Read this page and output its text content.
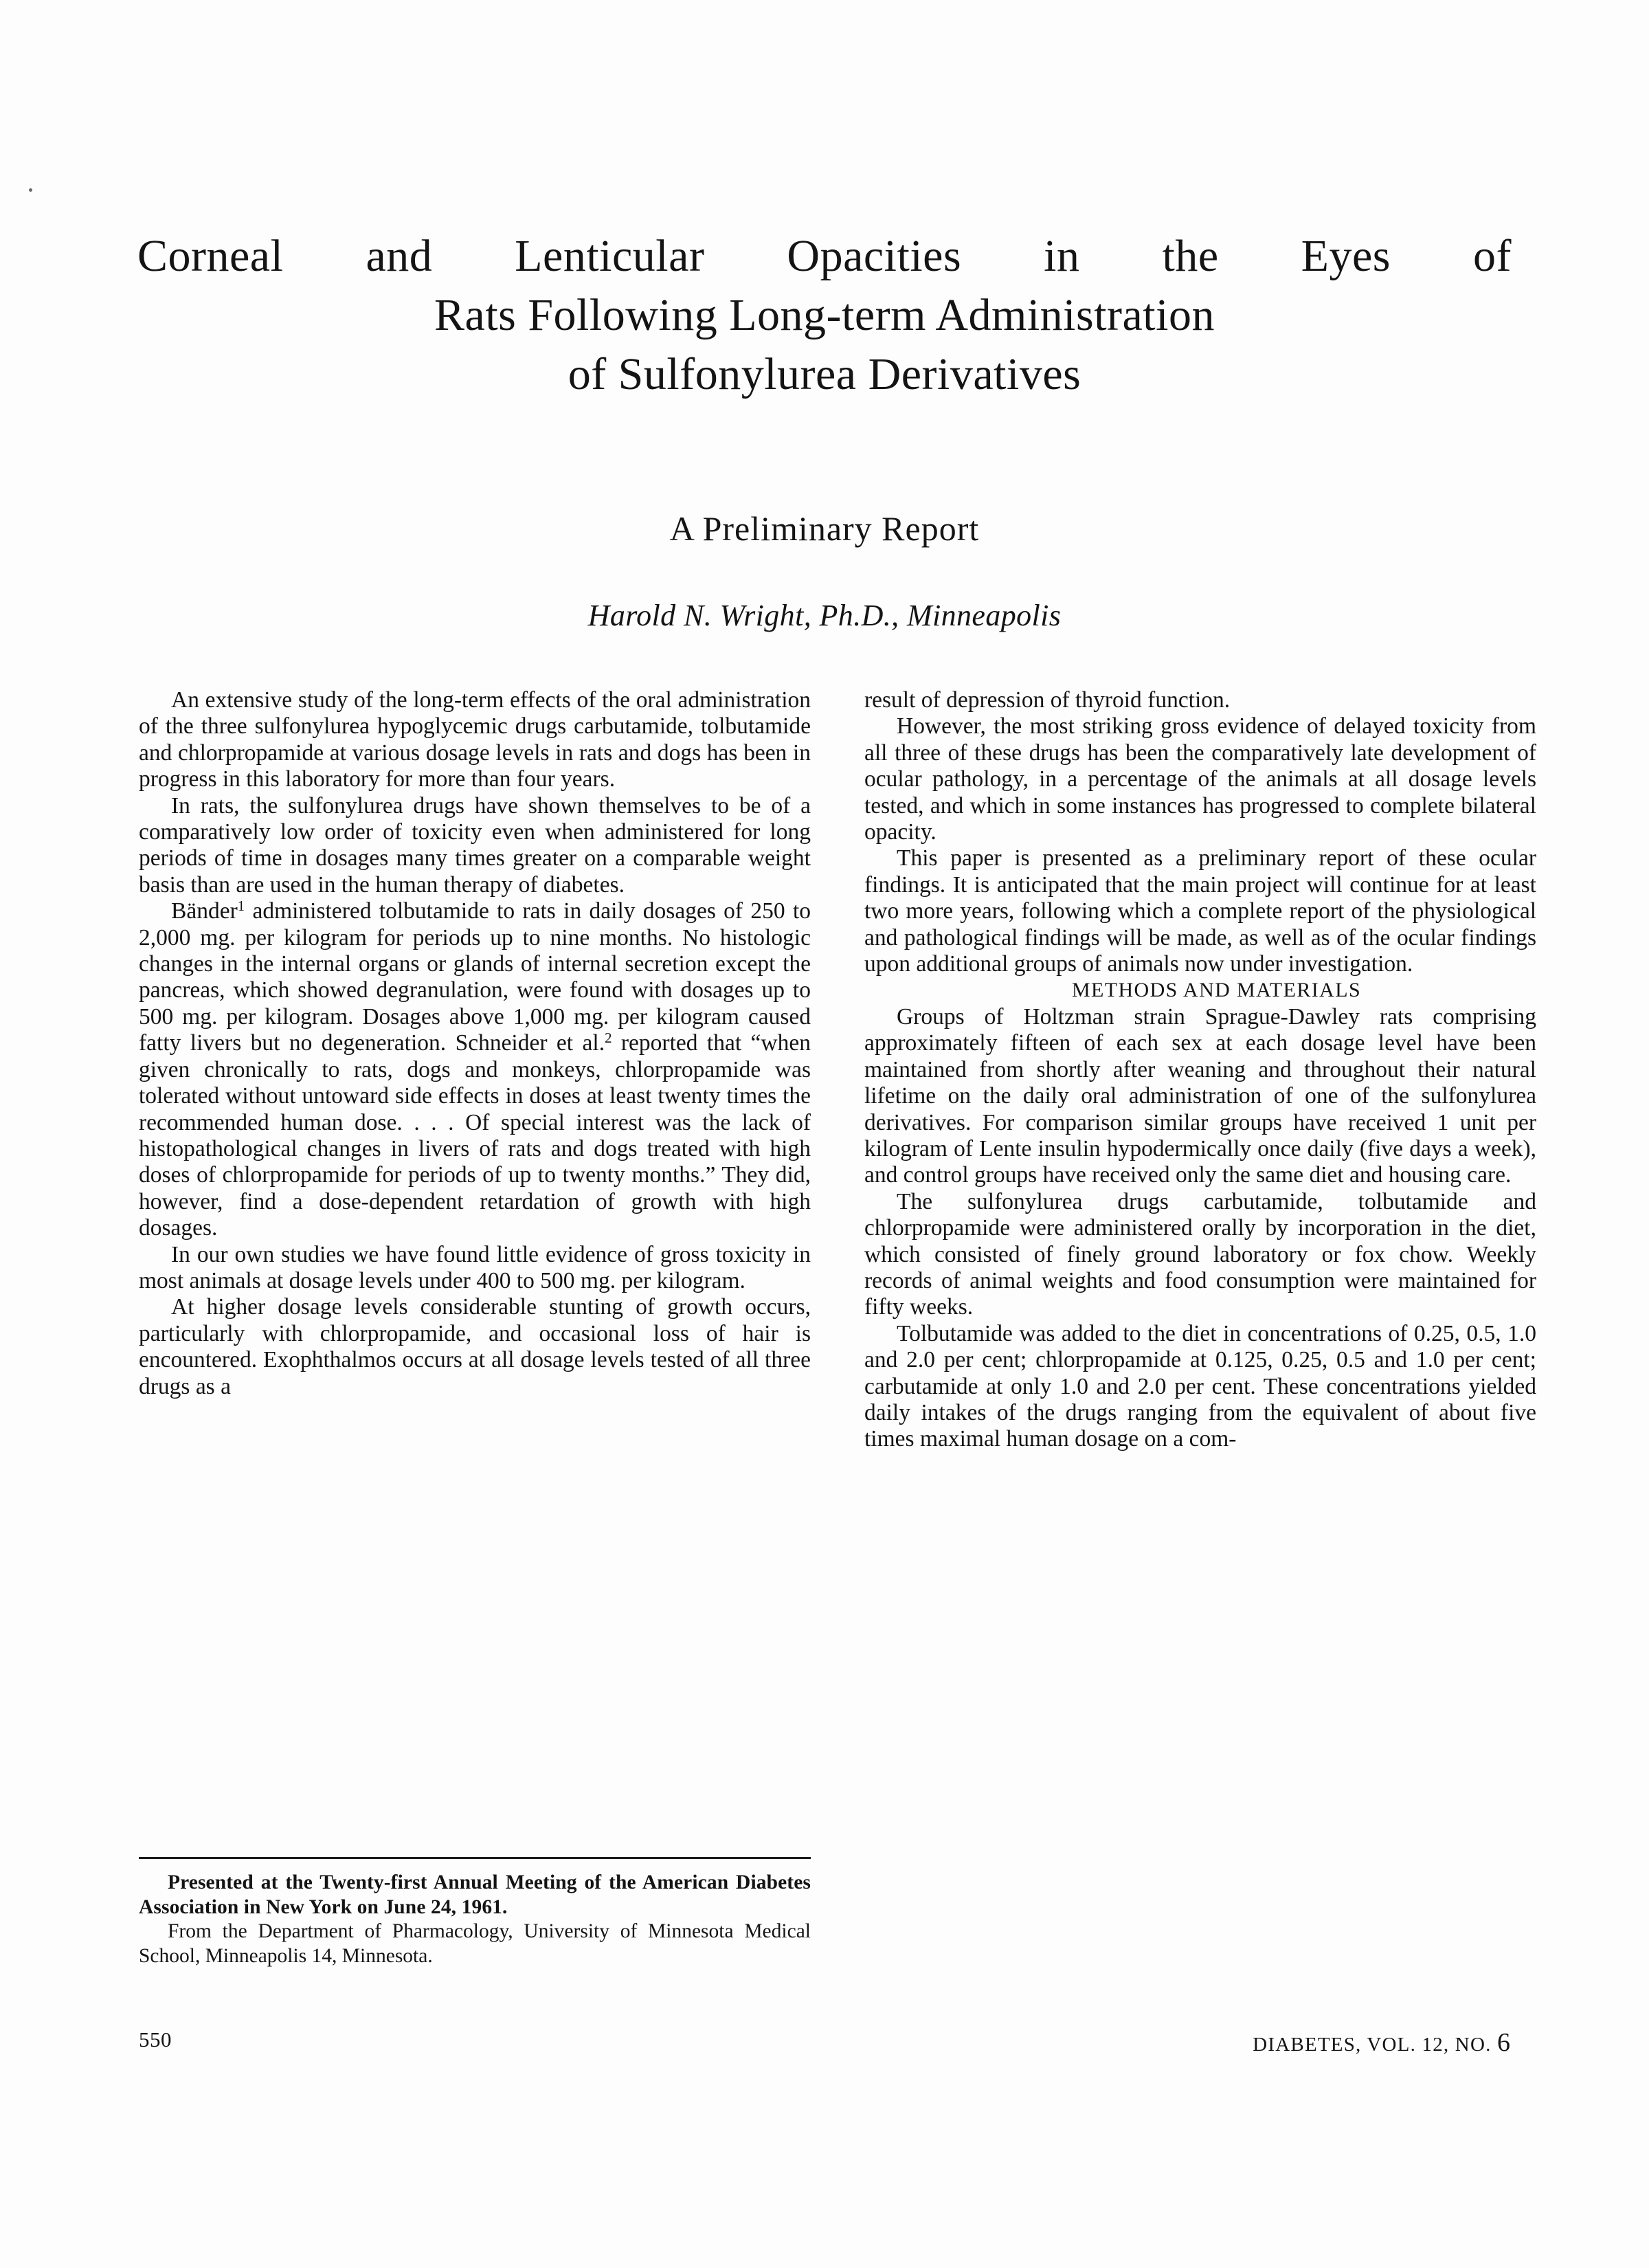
Corneal and Lenticular Opacities in the Eyes of
Rats Following Long-term Administration
of Sulfonylurea Derivatives
A Preliminary Report
Harold N. Wright, Ph.D., Minneapolis

An extensive study of the long-term effects of the oral administration of the three sulfonylurea hypoglycemic drugs carbutamide, tolbutamide and chlorpropamide at various dosage levels in rats and dogs has been in progress in this laboratory for more than four years.

In rats, the sulfonylurea drugs have shown themselves to be of a comparatively low order of toxicity even when administered for long periods of time in dosages many times greater on a comparable weight basis than are used in the human therapy of diabetes.

Bänder$^1$ administered tolbutamide to rats in daily dosages of 250 to 2,000 mg. per kilogram for periods up to nine months. No histologic changes in the internal organs or glands of internal secretion except the pancreas, which showed degranulation, were found with dosages up to 500 mg. per kilogram. Dosages above 1,000 mg. per kilogram caused fatty livers but no degeneration. Schneider et al.$^2$ reported that “when given chronically to rats, dogs and monkeys, chlorpropamide was tolerated without untoward side effects in doses at least twenty times the recommended human dose. . . . Of special interest was the lack of histopathological changes in livers of rats and dogs treated with high doses of chlorpropamide for periods of up to twenty months.” They did, however, find a dose-dependent retardation of growth with high dosages.

In our own studies we have found little evidence of gross toxicity in most animals at dosage levels under 400 to 500 mg. per kilogram.

At higher dosage levels considerable stunting of growth occurs, particularly with chlorpropamide, and occasional loss of hair is encountered. Exophthalmos occurs at all dosage levels tested of all three drugs as a

result of depression of thyroid function.

However, the most striking gross evidence of delayed toxicity from all three of these drugs has been the comparatively late development of ocular pathology, in a percentage of the animals at all dosage levels tested, and which in some instances has progressed to complete bilateral opacity.

This paper is presented as a preliminary report of these ocular findings. It is anticipated that the main project will continue for at least two more years, following which a complete report of the physiological and pathological findings will be made, as well as of the ocular findings upon additional groups of animals now under investigation.

METHODS AND MATERIALS

Groups of Holtzman strain Sprague-Dawley rats comprising approximately fifteen of each sex at each dosage level have been maintained from shortly after weaning and throughout their natural lifetime on the daily oral administration of one of the sulfonylurea derivatives. For comparison similar groups have received 1 unit per kilogram of Lente insulin hypodermically once daily (five days a week), and control groups have received only the same diet and housing care.

The sulfonylurea drugs carbutamide, tolbutamide and chlorpropamide were administered orally by incorporation in the diet, which consisted of finely ground laboratory or fox chow. Weekly records of animal weights and food consumption were maintained for fifty weeks.

Tolbutamide was added to the diet in concentrations of 0.25, 0.5, 1.0 and 2.0 per cent; chlorpropamide at 0.125, 0.25, 0.5 and 1.0 per cent; carbutamide at only 1.0 and 2.0 per cent. These concentrations yielded daily intakes of the drugs ranging from the equivalent of about five times maximal human dosage on a com-

Presented at the Twenty-first Annual Meeting of the American Diabetes Association in New York on June 24, 1961.

From the Department of Pharmacology, University of Minnesota Medical School, Minneapolis 14, Minnesota.

550	DIABETES, VOL. 12, NO. 6
